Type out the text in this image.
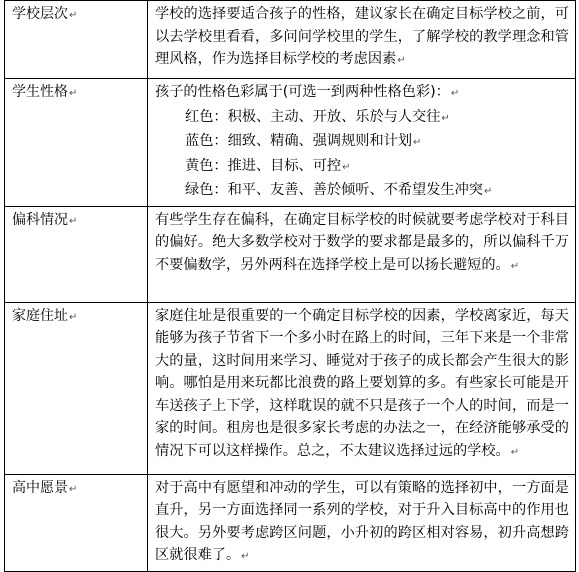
学校层次↵	学校的选择要适合孩子的性格，建议家长在确定目标学校之前，可以去学校里看看，多问问学校里的学生，了解学校的教学理念和管理风格，作为选择目标学校的考虑因素↵
学生性格↵	孩子的性格色彩属于(可选一到两种性格色彩)：↵
红色：积极、主动、开放、乐於与人交往↵
蓝色：细致、精确、强调规则和计划↵
黄色：推进、目标、可控↵
绿色：和平、友善、善於倾听、不希望发生冲突↵

偏科情况↵	有些学生存在偏科，在确定目标学校的时候就要考虑学校对于科目的偏好。绝大多数学校对于数学的要求都是最多的，所以偏科千万不要偏数学，另外两科在选择学校上是可以扬长避短的。↵
家庭住址↵	家庭住址是很重要的一个确定目标学校的因素，学校离家近，每天能够为孩子节省下一个多小时在路上的时间，三年下来是一个非常大的量，这时间用来学习、睡觉对于孩子的成长都会产生很大的影响。哪怕是用来玩都比浪费的路上要划算的多。有些家长可能是开车送孩子上下学，这样耽误的就不只是孩子一个人的时间，而是一家的时间。租房也是很多家长考虑的办法之一，在经济能够承受的情况下可以这样操作。总之，不太建议选择过远的学校。↵
高中愿景↵	对于高中有愿望和冲动的学生，可以有策略的选择初中，一方面是直升，另一方面选择同一系列的学校，对于升入目标高中的作用也很大。另外要考虑跨区问题，小升初的跨区相对容易，初升高想跨区就很难了。↵
